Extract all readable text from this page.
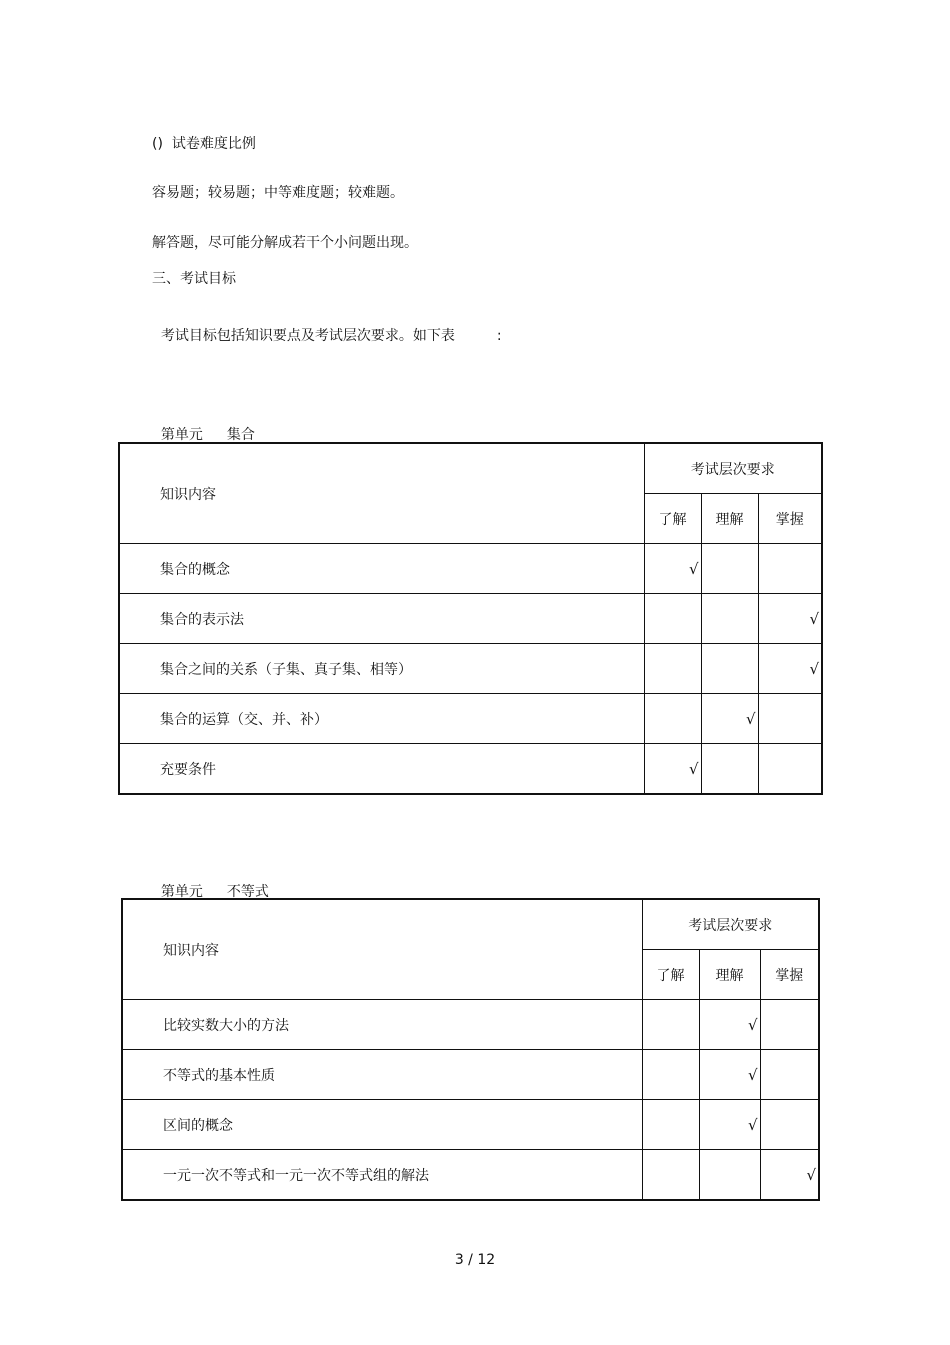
()  试卷难度比例
容易题；较易题；中等难度题；较难题。
解答题，尽可能分解成若干个小问题出现。
三、考试目标

考试目标包括知识要点及考试层次要求。如下表	:

第单元 集合

知识内容	考试层次要求		
	了解	理解	掌握
集合的概念	√		
集合的表示法			√
集合之间的关系（子集、真子集、相等）			√
集合的运算（交、并、补）		√	
充要条件	√		

第单元 不等式

知识内容	考试层次要求		
	了解	理解	掌握
比较实数大小的方法		√	
不等式的基本性质		√	
区间的概念		√	
一元一次不等式和一元一次不等式组的解法			√
3 / 12
